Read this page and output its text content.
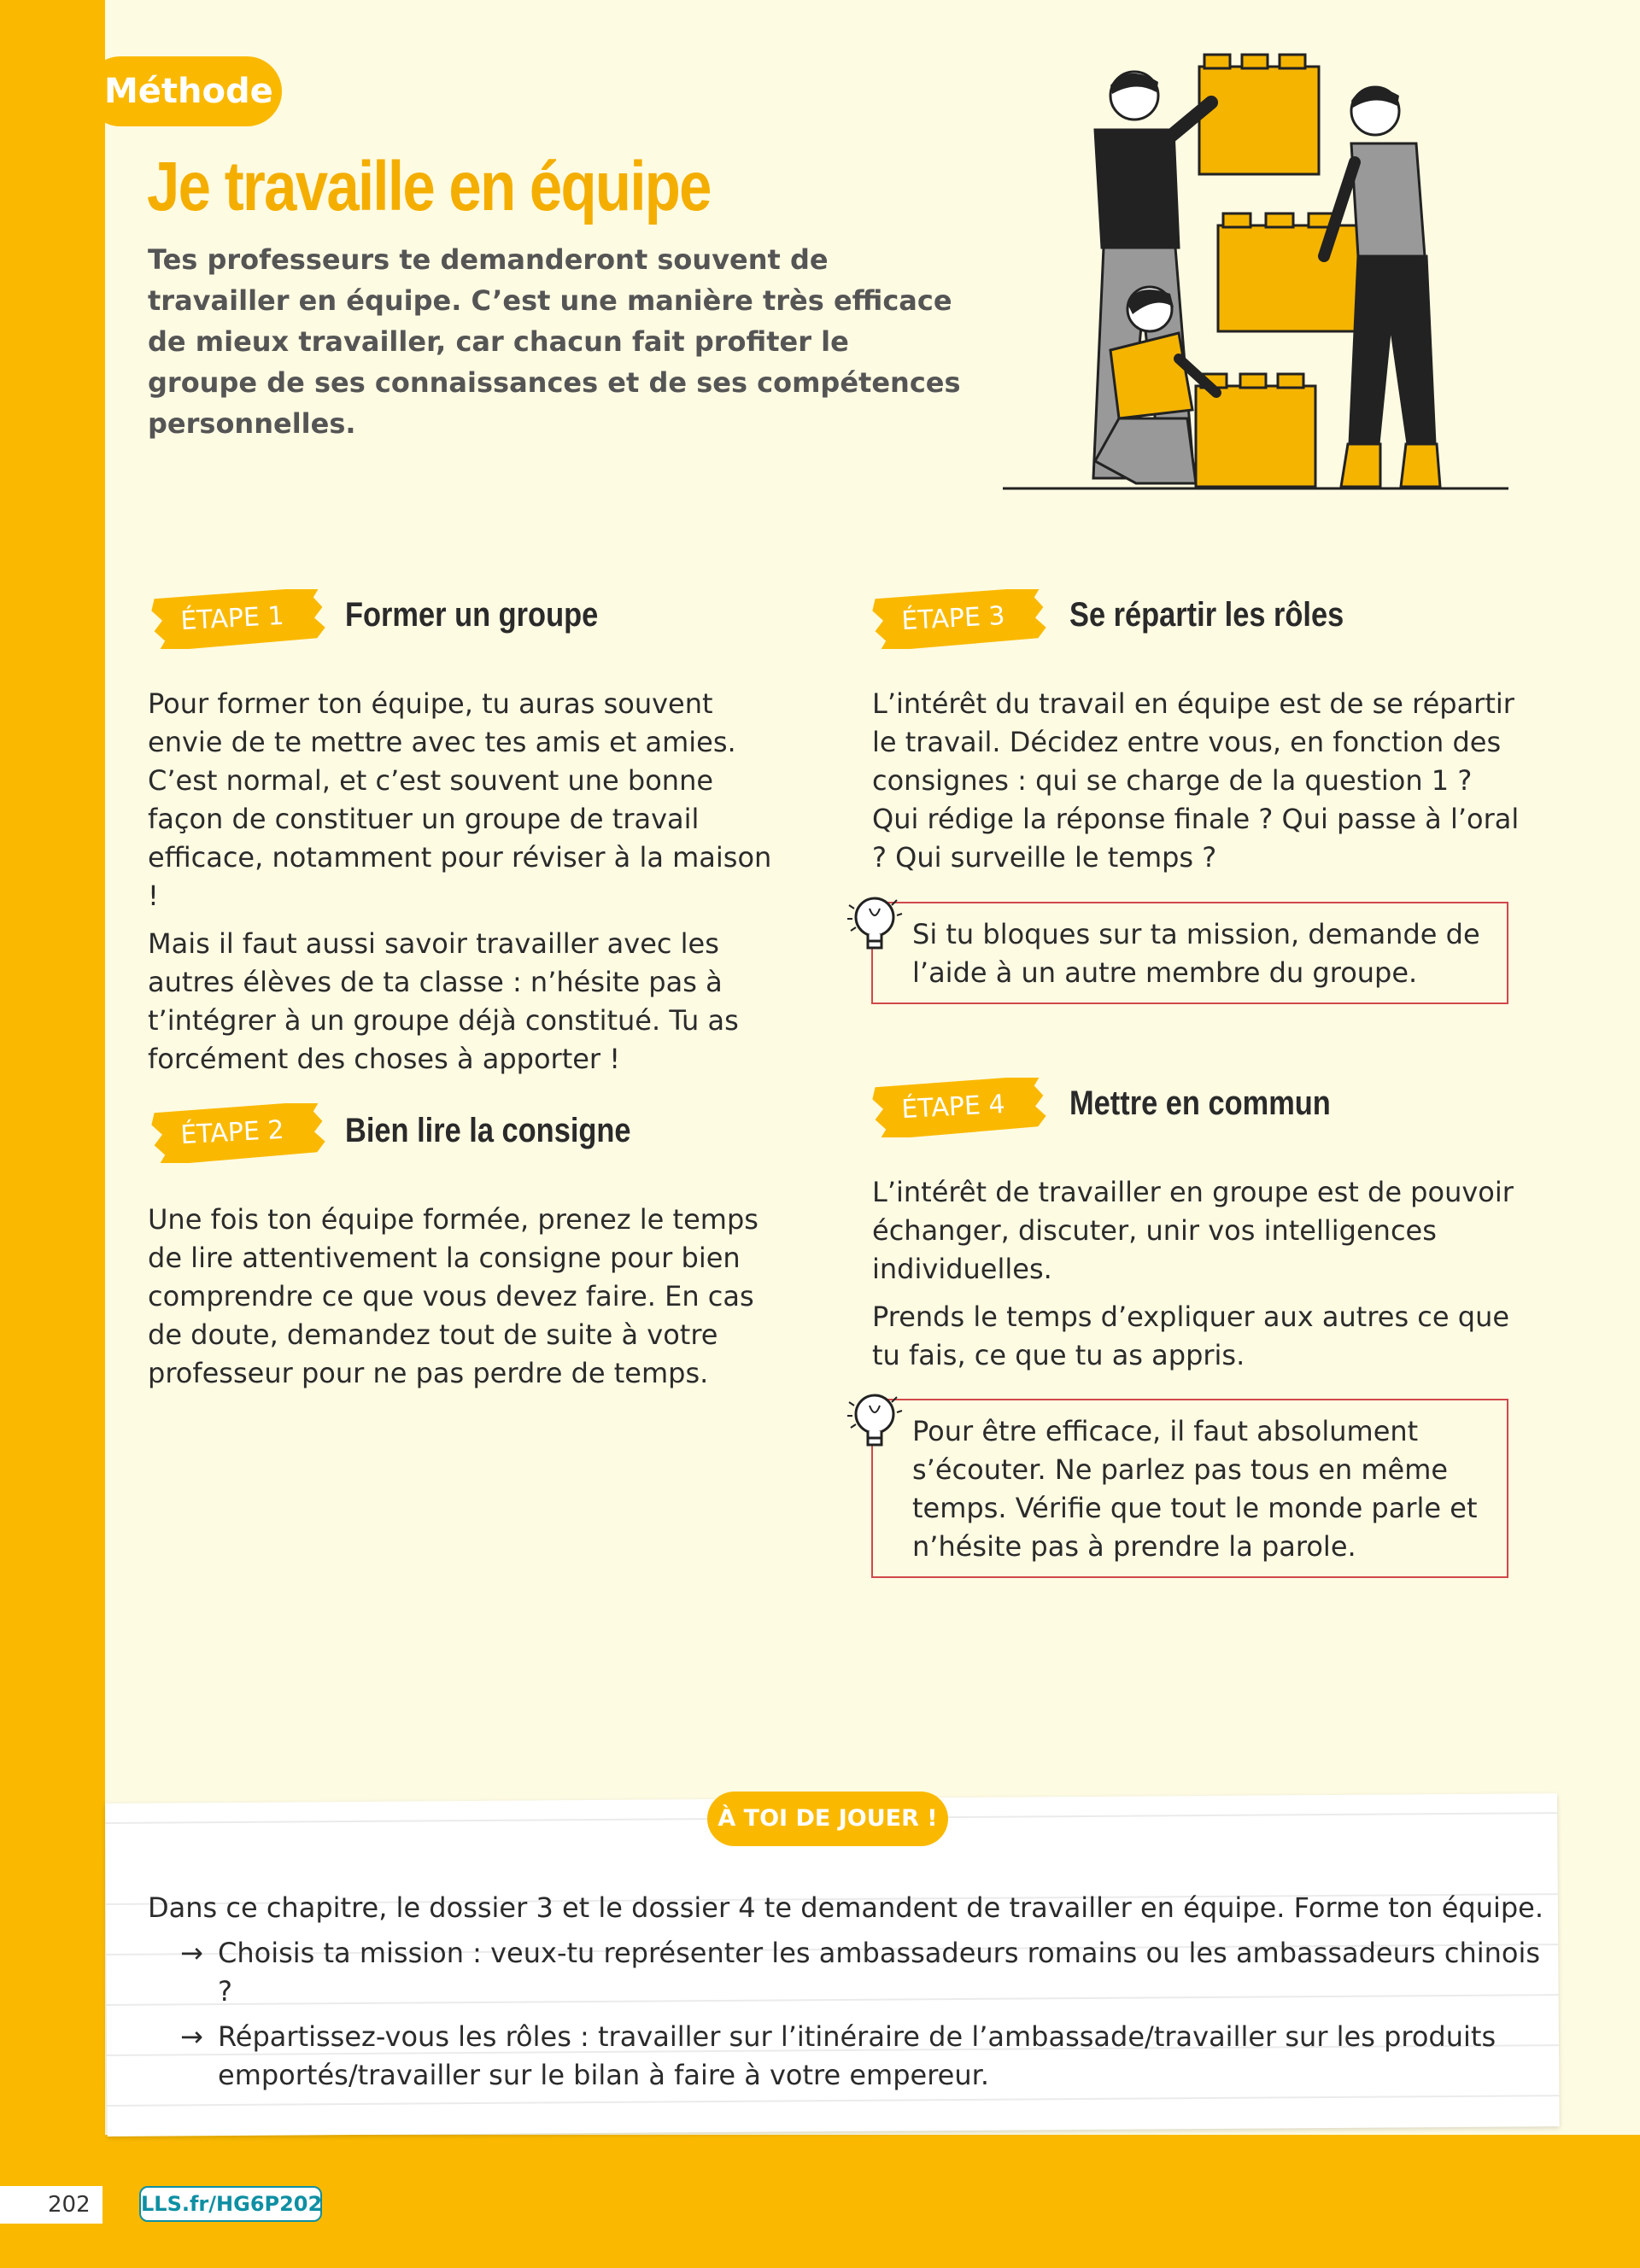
Méthode
Je travaille en équipe
Tes professeurs te demanderont souvent de travailler en équipe. C’est une manière très efficace de mieux travailler, car chacun fait profiter le groupe de ses connaissances et de ses compétences personnelles.
ÉTAPE 1	Former un groupe

Pour former ton équipe, tu auras souvent envie de te mettre avec tes amis et amies. C’est normal, et c’est souvent une bonne façon de constituer un groupe de travail efficace, notamment pour réviser à la maison !

Mais il faut aussi savoir travailler avec les autres élèves de ta classe : n’hésite pas à t’intégrer à un groupe déjà constitué. Tu as forcément des choses à apporter !

ÉTAPE 2	Bien lire la consigne

Une fois ton équipe formée, prenez le temps de lire attentivement la consigne pour bien comprendre ce que vous devez faire. En cas de doute, demandez tout de suite à votre professeur pour ne pas perdre de temps.

ÉTAPE 3	Se répartir les rôles

L’intérêt du travail en équipe est de se répartir le travail. Décidez entre vous, en fonction des consignes : qui se charge de la question 1 ? Qui rédige la réponse finale ? Qui passe à l’oral ? Qui surveille le temps ?

Si tu bloques sur ta mission, demande de l’aide à un autre membre du groupe.
ÉTAPE 4	Mettre en commun

L’intérêt de travailler en groupe est de pouvoir échanger, discuter, unir vos intelligences individuelles.

Prends le temps d’expliquer aux autres ce que tu fais, ce que tu as appris.

Pour être efficace, il faut absolument s’écouter. Ne parlez pas tous en même temps. Vérifie que tout le monde parle et n’hésite pas à prendre la parole.
À TOI DE JOUER !
Dans ce chapitre, le dossier 3 et le dossier 4 te demandent de travailler en équipe. Forme ton équipe.
→ Choisis ta mission : veux-tu représenter les ambassadeurs romains ou les ambassadeurs chinois ?
→ Répartissez-vous les rôles : travailler sur l’itinéraire de l’ambassade/travailler sur les produits emportés/travailler sur le bilan à faire à votre empereur.
202 LLS.fr/HG6P202
